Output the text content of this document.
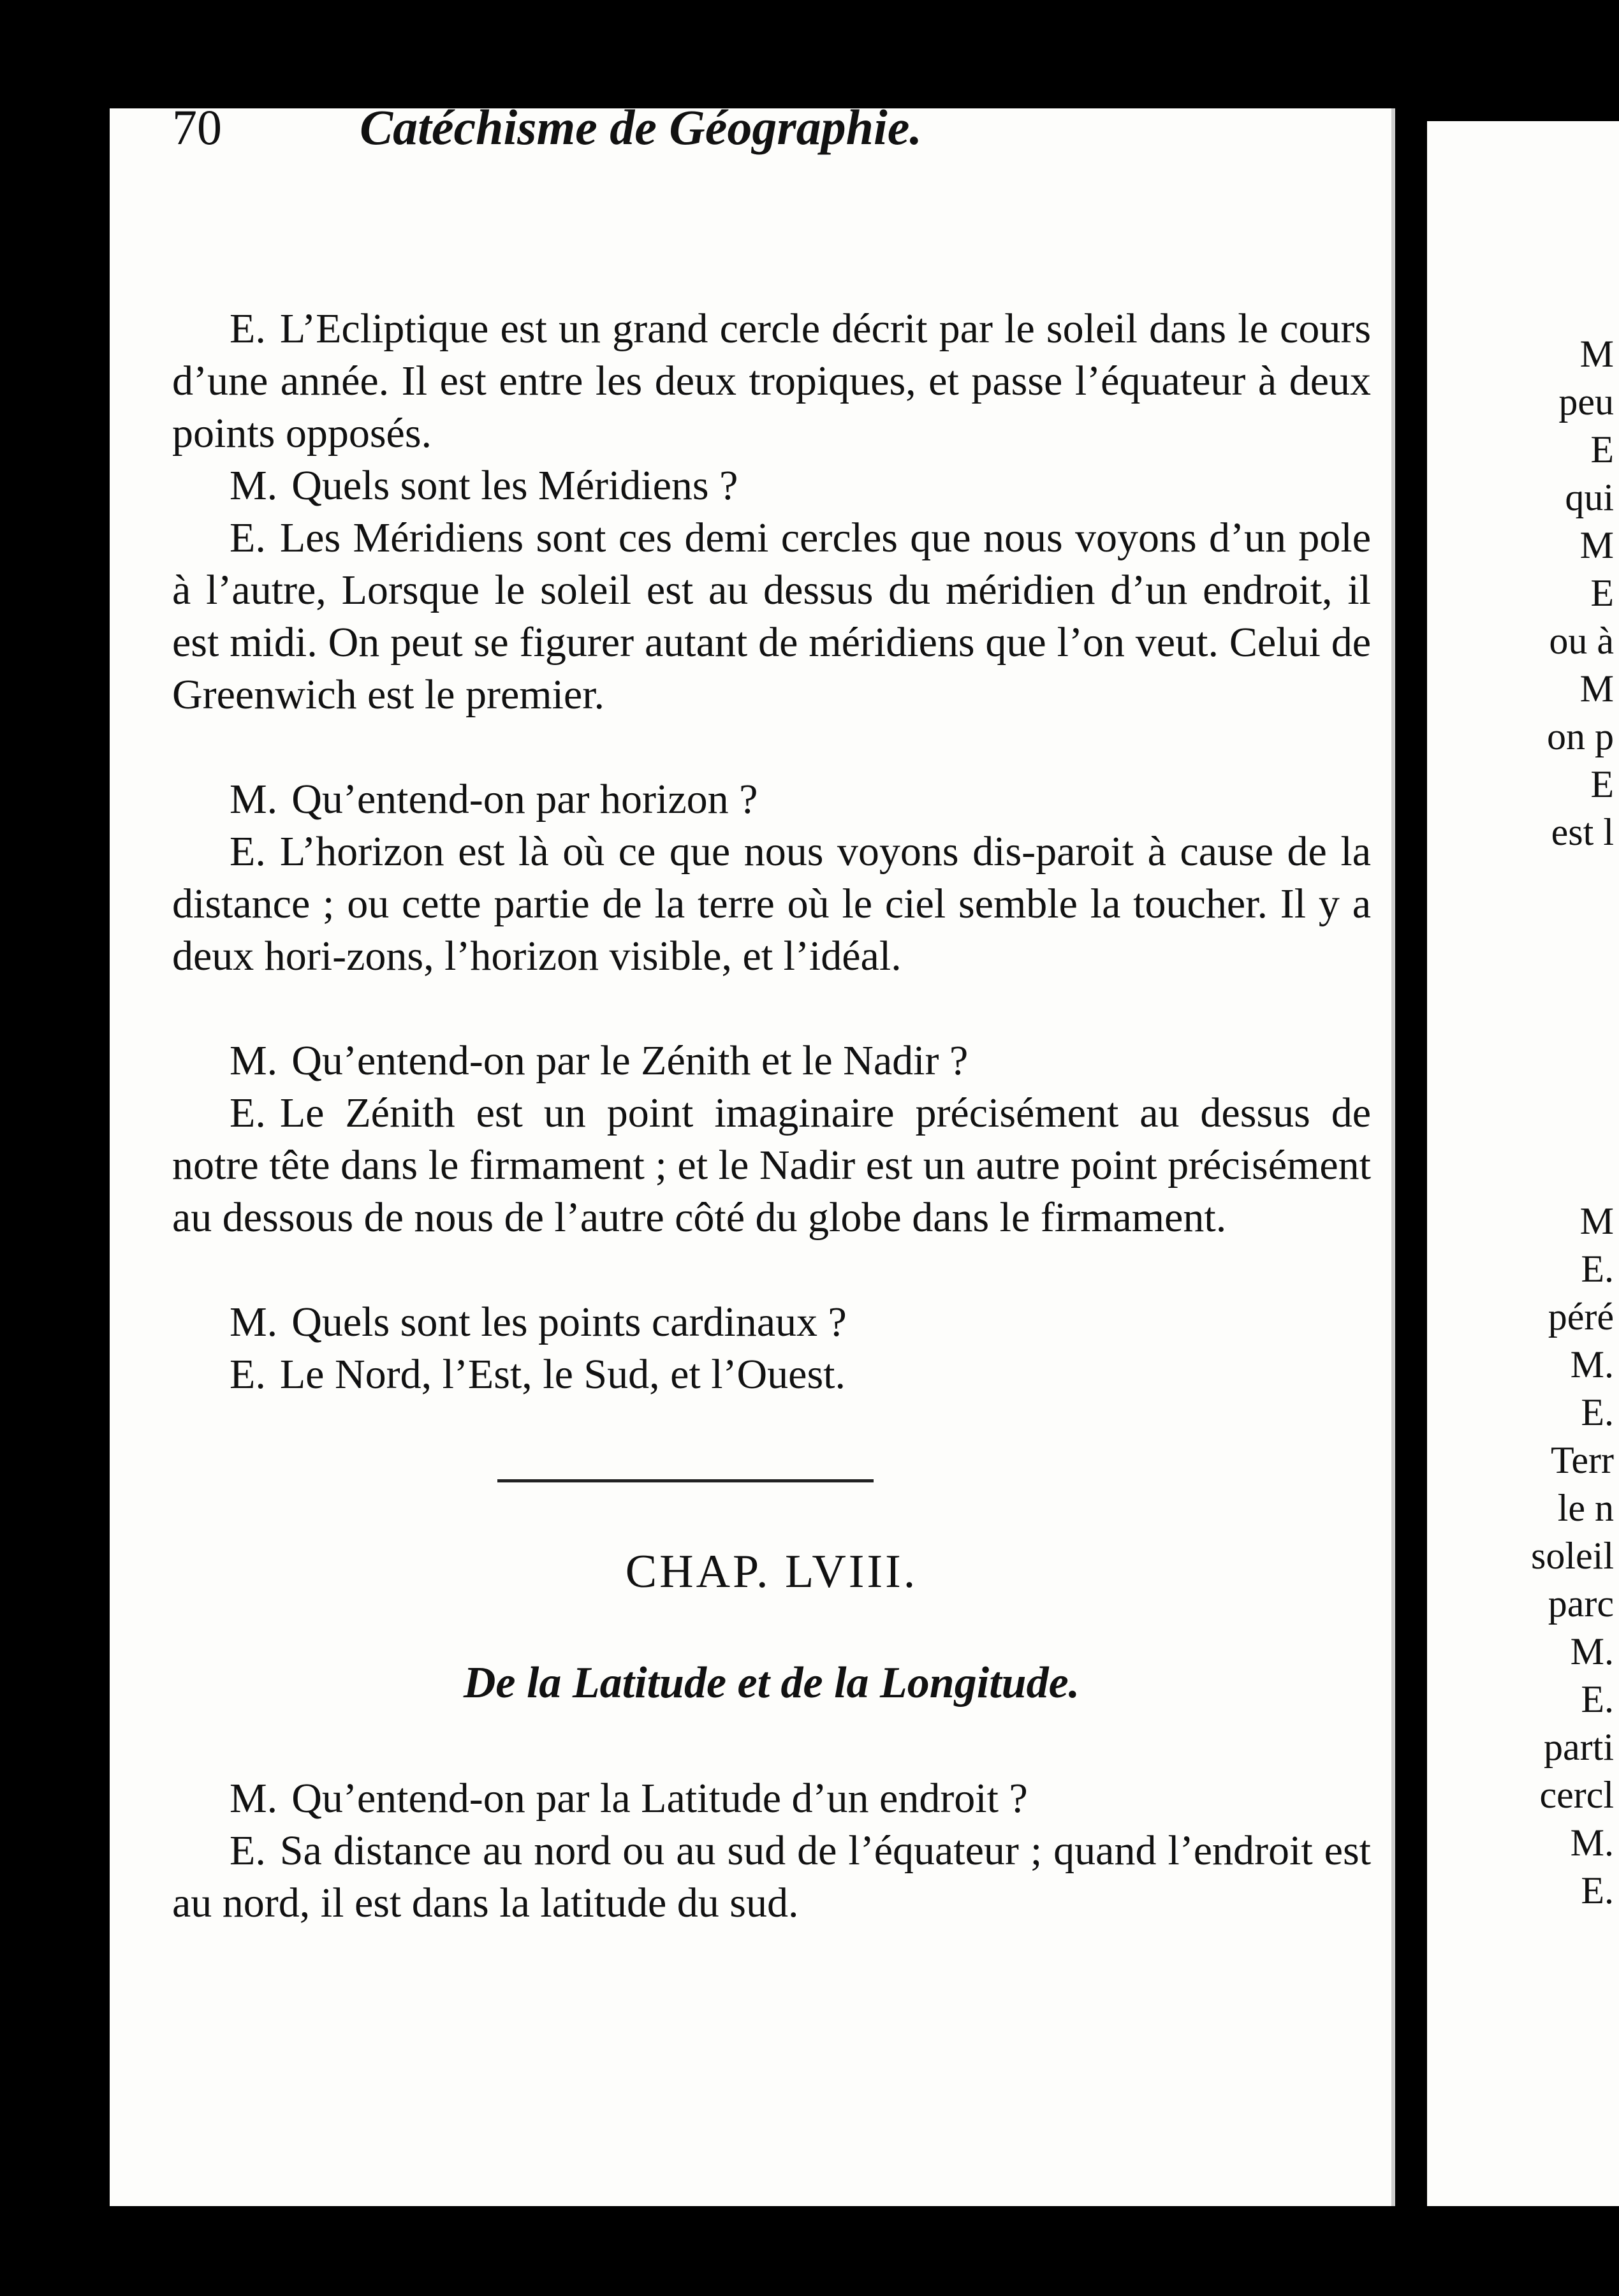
M
peu
E
qui
M
E
ou à
M
on p
E
est l
M
E.
péré
M.
E.
Terr
le n
soleil
parc
M.
E.
parti
cercl
M.
E.
70	Catéchisme de Géographie.

E. L’Ecliptique est un grand cercle décrit par le soleil dans le cours d’une année. Il est entre les deux tropiques, et passe l’équateur à deux points opposés.

M. Quels sont les Méridiens ?

E. Les Méridiens sont ces demi cercles que nous voyons d’un pole à l’autre, Lorsque le soleil est au dessus du méridien d’un endroit, il est midi. On peut se figurer autant de méridiens que l’on veut. Celui de Greenwich est le premier.

M. Qu’entend-on par horizon ?

E. L’horizon est là où ce que nous voyons dis-paroit à cause de la distance ; ou cette partie de la terre où le ciel semble la toucher. Il y a deux hori-zons, l’horizon visible, et l’idéal.

M. Qu’entend-on par le Zénith et le Nadir ?

E. Le Zénith est un point imaginaire précisément au dessus de notre tête dans le firmament ; et le Nadir est un autre point précisément au dessous de nous de l’autre côté du globe dans le firmament.

M. Quels sont les points cardinaux ?

E. Le Nord, l’Est, le Sud, et l’Ouest.

CHAP. LVIII.
De la Latitude et de la Longitude.

M. Qu’entend-on par la Latitude d’un endroit ?

E. Sa distance au nord ou au sud de l’équateur ; quand l’endroit est au nord, il est dans la latitude du sud.
